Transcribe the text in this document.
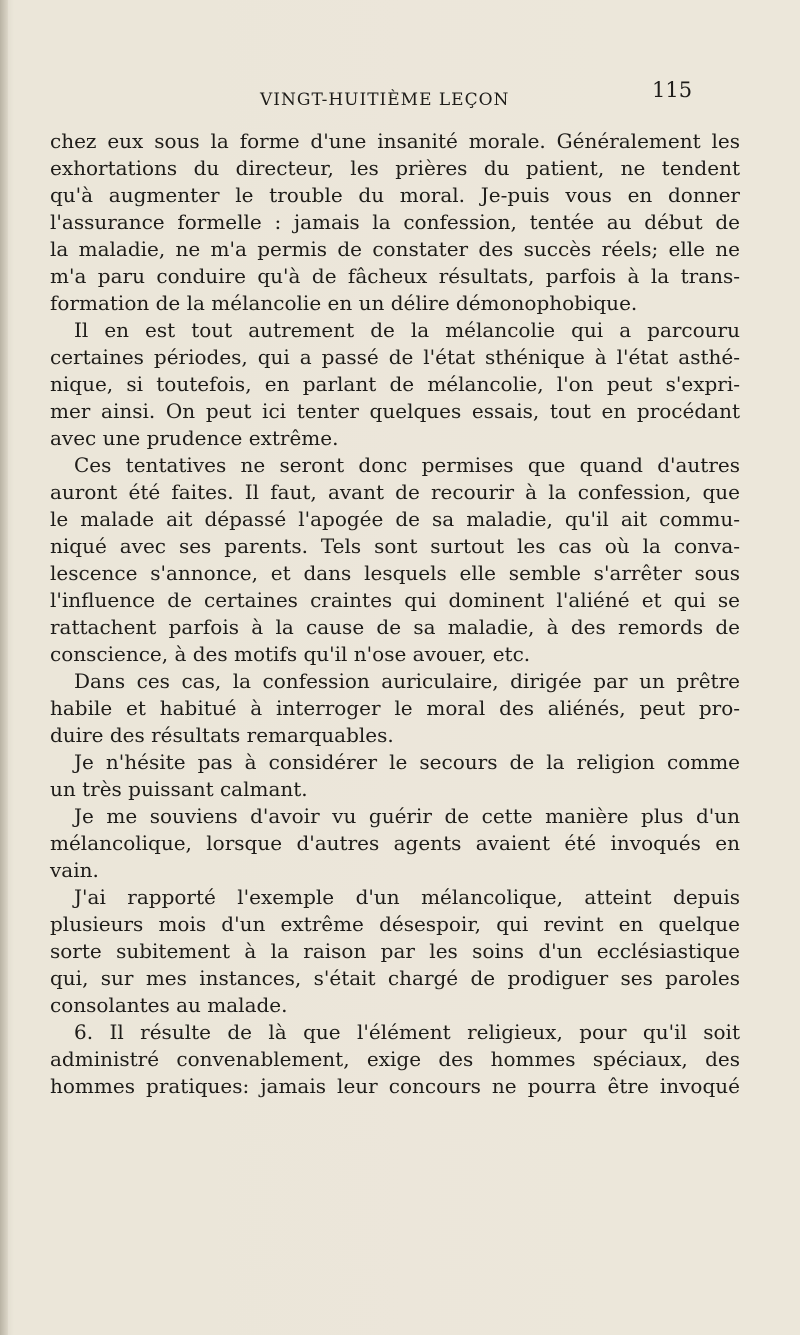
VINGT-HUITIÈME LEÇON	115
chez eux sous la forme d'une insanité morale. Généralement les
exhortations du directeur, les prières du patient, ne tendent
qu'à augmenter le trouble du moral. Je-puis vous en donner
l'assurance formelle : jamais la confession, tentée au début de
la maladie, ne m'a permis de constater des succès réels; elle ne
m'a paru conduire qu'à de fâcheux résultats, parfois à la trans-
formation de la mélancolie en un délire démonophobique.
Il en est tout autrement de la mélancolie qui a parcouru
certaines périodes, qui a passé de l'état sthénique à l'état asthé-
nique, si toutefois, en parlant de mélancolie, l'on peut s'expri-
mer ainsi. On peut ici tenter quelques essais, tout en procédant
avec une prudence extrême.
Ces tentatives ne seront donc permises que quand d'autres
auront été faites. Il faut, avant de recourir à la confession, que
le malade ait dépassé l'apogée de sa maladie, qu'il ait commu-
niqué avec ses parents. Tels sont surtout les cas où la conva-
lescence s'annonce, et dans lesquels elle semble s'arrêter sous
l'influence de certaines craintes qui dominent l'aliéné et qui se
rattachent parfois à la cause de sa maladie, à des remords de
conscience, à des motifs qu'il n'ose avouer, etc.
Dans ces cas, la confession auriculaire, dirigée par un prêtre
habile et habitué à interroger le moral des aliénés, peut pro-
duire des résultats remarquables.
Je n'hésite pas à considérer le secours de la religion comme
un très puissant calmant.
Je me souviens d'avoir vu guérir de cette manière plus d'un
mélancolique, lorsque d'autres agents avaient été invoqués en
vain.
J'ai rapporté l'exemple d'un mélancolique, atteint depuis
plusieurs mois d'un extrême désespoir, qui revint en quelque
sorte subitement à la raison par les soins d'un ecclésiastique
qui, sur mes instances, s'était chargé de prodiguer ses paroles
consolantes au malade.
6. Il résulte de là que l'élément religieux, pour qu'il soit
administré convenablement, exige des hommes spéciaux, des
hommes pratiques: jamais leur concours ne pourra être invoqué
